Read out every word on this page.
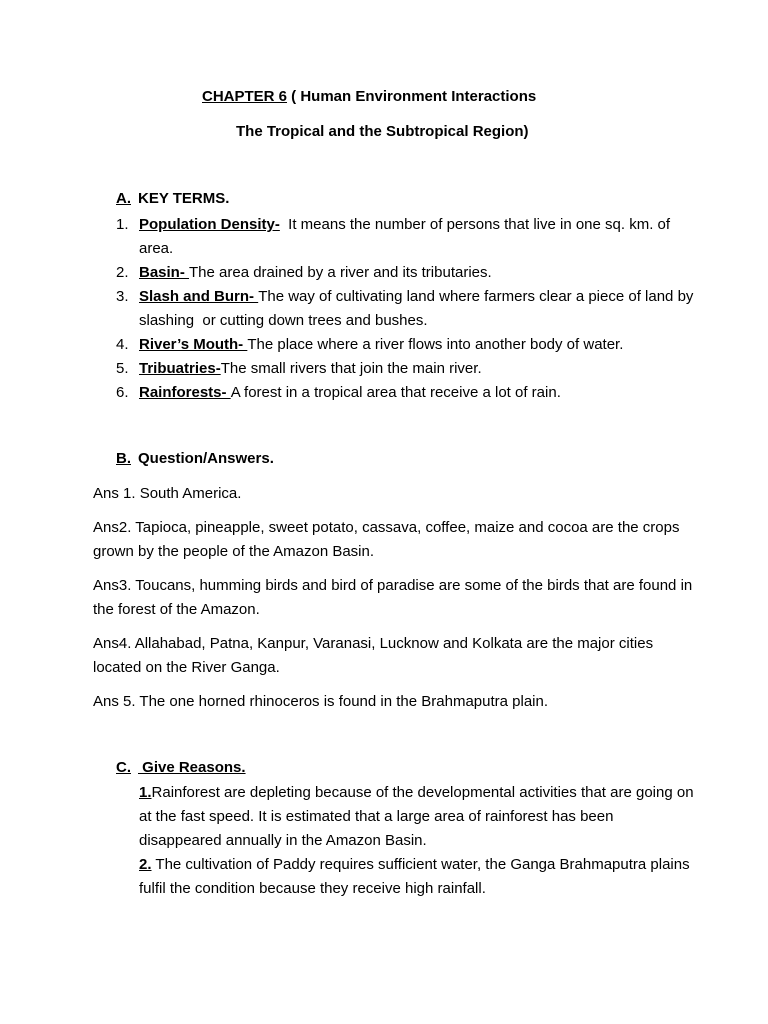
CHAPTER 6 ( Human Environment Interactions
The Tropical and the Subtropical Region)
A. KEY TERMS.
1. Population Density-  It means the number of persons that live in one sq. km. of area.
2. Basin- The area drained by a river and its tributaries.
3. Slash and Burn- The way of cultivating land where farmers clear a piece of land by slashing  or cutting down trees and bushes.
4. River’s Mouth- The place where a river flows into another body of water.
5. Tribuatries-The small rivers that join the main river.
6. Rainforests- A forest in a tropical area that receive a lot of rain.
B. Question/Answers.
Ans 1. South America.
Ans2. Tapioca, pineapple, sweet potato, cassava, coffee, maize and cocoa are the crops grown by the people of the Amazon Basin.
Ans3. Toucans, humming birds and bird of paradise are some of the birds that are found in the forest of the Amazon.
Ans4. Allahabad, Patna, Kanpur, Varanasi, Lucknow and Kolkata are the major cities located on the River Ganga.
Ans 5. The one horned rhinoceros is found in the Brahmaputra plain.
C. Give Reasons.
1.Rainforest are depleting because of the developmental activities that are going on at the fast speed. It is estimated that a large area of rainforest has been disappeared annually in the Amazon Basin.
2. The cultivation of Paddy requires sufficient water, the Ganga Brahmaputra plains fulfil the condition because they receive high rainfall.
